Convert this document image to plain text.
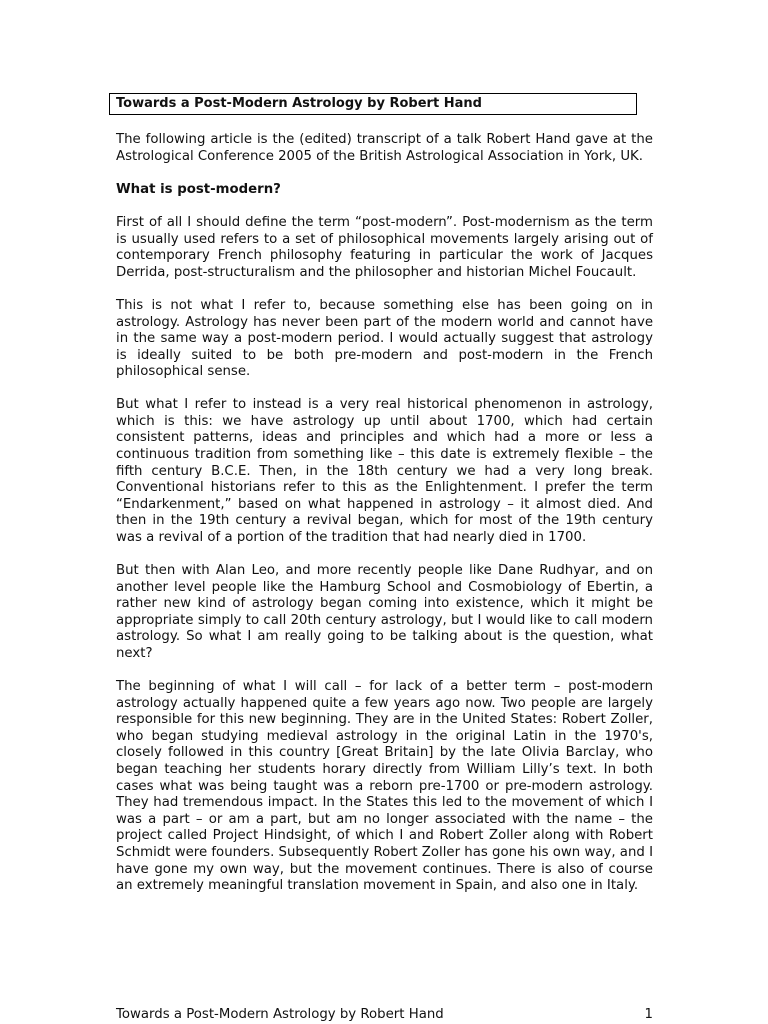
Towards a Post-Modern Astrology by Robert Hand

The following article is the (edited) transcript of a talk Robert Hand gave at the Astrological Conference 2005 of the British Astrological Association in York, UK.

What is post-modern?

First of all I should define the term “post-modern”. Post-modernism as the term is usually used refers to a set of philosophical movements largely arising out of contemporary French philosophy featuring in particular the work of Jacques Derrida, post-structuralism and the philosopher and historian Michel Foucault.

This is not what I refer to, because something else has been going on in astrology. Astrology has never been part of the modern world and cannot have in the same way a post-modern period. I would actually suggest that astrology is ideally suited to be both pre-modern and post-modern in the French philosophical sense.

But what I refer to instead is a very real historical phenomenon in astrology, which is this: we have astrology up until about 1700, which had certain consistent patterns, ideas and principles and which had a more or less a continuous tradition from something like – this date is extremely flexible – the fifth century B.C.E. Then, in the 18th century we had a very long break. Conventional historians refer to this as the Enlightenment. I prefer the term “Endarkenment,” based on what happened in astrology – it almost died. And then in the 19th century a revival began, which for most of the 19th century was a revival of a portion of the tradition that had nearly died in 1700.

But then with Alan Leo, and more recently people like Dane Rudhyar, and on another level people like the Hamburg School and Cosmobiology of Ebertin, a rather new kind of astrology began coming into existence, which it might be appropriate simply to call 20th century astrology, but I would like to call modern astrology. So what I am really going to be talking about is the question, what next?

The beginning of what I will call – for lack of a better term – post-modern astrology actually happened quite a few years ago now. Two people are largely responsible for this new beginning. They are in the United States: Robert Zoller, who began studying medieval astrology in the original Latin in the 1970's, closely followed in this country [Great Britain] by the late Olivia Barclay, who began teaching her students horary directly from William Lilly’s text. In both cases what was being taught was a reborn pre-1700 or pre-modern astrology. They had tremendous impact. In the States this led to the movement of which I was a part – or am a part, but am no longer associated with the name – the project called Project Hindsight, of which I and Robert Zoller along with Robert Schmidt were founders. Subsequently Robert Zoller has gone his own way, and I have gone my own way, but the movement continues. There is also of course an extremely meaningful translation movement in Spain, and also one in Italy.

Towards a Post-Modern Astrology by Robert Hand	1
